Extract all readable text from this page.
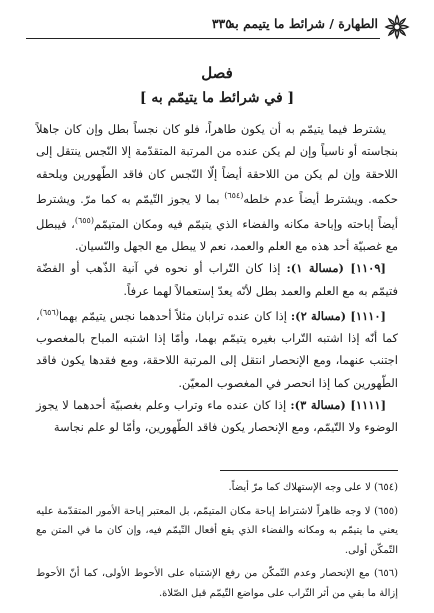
الطهارة / شرائط ما يتيمم به
٣٣٥
فصل
[ في شرائط ما يتيمّم به ]

يشترط فيما يتيمّم به أن يكون طاهراً، فلو كان نجساً بطل وإن كان جاهلاً بنجاسته أو ناسياً وإن لم يكن عنده من المرتبة المتقدّمة إلا النّجس ينتقل إلى اللاحقة وإن لم يكن من اللاحقة أيضاً إلّا النّجس كان فاقد الطّهورين ويلحقه حكمه. ويشترط أيضاً عدم خلطه$^{(٦٥٤)}$ بما لا يجوز التّيمّم به كما مرّ. ويشترط أيضاً إباحته وإباحة مكانه والفضاء الذي يتيمّم فيه ومكان المتيمّم$^{(٦٥٥)}$، فيبطل مع غصبيّة أحد هذه مع العلم والعمد، نعم لا يبطل مع الجهل والنّسيان.

[١١٠٩] (مسالة ١): إذا كان التّراب أو نحوه في آنية الذّهب أو الفضّة فتيمّم به مع العلم والعمد بطل لأنّه يعدّ إستعمالاً لهما عرفاً.

[١١١٠] (مسالة ٢): إذا كان عنده ترابان مثلاً أحدهما نجس يتيمّم بهما$^{(٦٥٦)}$، كما أنّه إذا اشتبه التّراب بغيره يتيمّم بهما، وأمّا إذا اشتبه المباح بالمغصوب اجتنب عنهما، ومع الإنحصار انتقل إلى المرتبة اللاحقة، ومع فقدها يكون فاقد الطّهورين كما إذا انحصر في المغصوب المعيّن.

[١١١١] (مسالة ٣): إذا كان عنده ماء وتراب وعلم بغصبيّة أحدهما لا يجوز الوضوء ولا التّيمّم، ومع الإنحصار يكون فاقد الطّهورين، وأمّا لو علم نجاسة

(٦٥٤) لا على وجه الإستهلاك كما مرّ أيضاً.

(٦٥٥) لا وجه ظاهراً لاشتراط إباحة مكان المتيمّم، بل المعتبر إباحة الأمور المتقدّمة عليه يعني ما يتيمّم به ومكانه والفضاء الذي يقع أفعال التّيمّم فيه، وإن كان ما في المتن مع التّمكّن أولى.

(٦٥٦) مع الإنحصار وعدم التّمكّن من رفع الإشتباه على الأحوط الأولى، كما أنّ الأحوط إزالة ما بقي من أثر التّراب على مواضع التّيمّم قبل الصّلاة.
